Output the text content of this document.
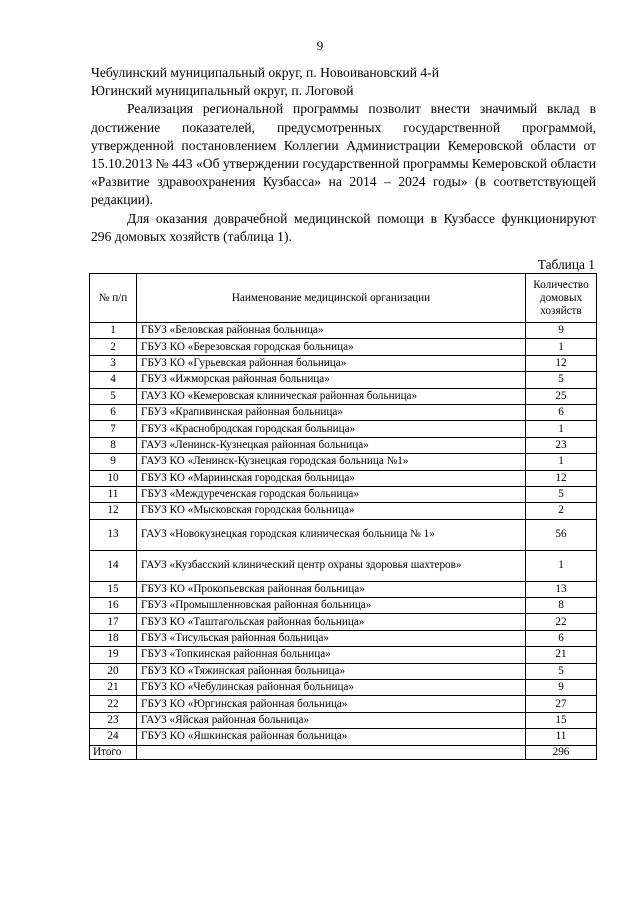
9

Чебулинский муниципальный округ, п. Новоивановский 4-й

Югинский муниципальный округ, п. Логовой

Реализация региональной программы позволит внести значимый вклад в достижение показателей, предусмотренных государственной программой, утвержденной постановлением Коллегии Администрации Кемеровской области от 15.10.2013 № 443 «Об утверждении государственной программы Кемеровской области «Развитие здравоохранения Кузбасса» на 2014 – 2024 годы» (в соответствующей редакции).

Для оказания доврачебной медицинской помощи в Кузбассе функционируют 296 домовых хозяйств (таблица 1).

Таблица 1
№ п/п	Наименование медицинской организации	Количество домовых хозяйств
1	ГБУЗ «Беловская районная больница»	9
2	ГБУЗ КО «Березовская городская больница»	1
3	ГБУЗ КО «Гурьевская районная больница»	12
4	ГБУЗ «Ижморская районная больница»	5
5	ГАУЗ КО «Кемеровская клиническая районная больница»	25
6	ГБУЗ «Крапивинская районная больница»	6
7	ГБУЗ «Краснобродская городская больница»	1
8	ГАУЗ «Ленинск-Кузнецкая районная больница»	23
9	ГАУЗ КО «Ленинск-Кузнецкая городская больница №1»	1
10	ГБУЗ КО «Мариинская городская больница»	12
11	ГБУЗ «Междуреченская городская больница»	5
12	ГБУЗ КО «Мысковская городская больница»	2
13	ГАУЗ «Новокузнецкая городская клиническая больница № 1»	56
14	ГАУЗ «Кузбасский клинический центр охраны здоровья шахтеров»	1
15	ГБУЗ КО «Прокопьевская районная больница»	13
16	ГБУЗ «Промышленновская районная больница»	8
17	ГБУЗ КО «Таштагольская районная больница»	22
18	ГБУЗ «Тисульская районная больница»	6
19	ГБУЗ «Топкинская районная больница»	21
20	ГБУЗ КО «Тяжинская районная больница»	5
21	ГБУЗ КО «Чебулинская районная больница»	9
22	ГБУЗ КО «Юргинская районная больница»	27
23	ГАУЗ «Яйская районная больница»	15
24	ГБУЗ КО «Яшкинская районная больница»	11
Итого		296
